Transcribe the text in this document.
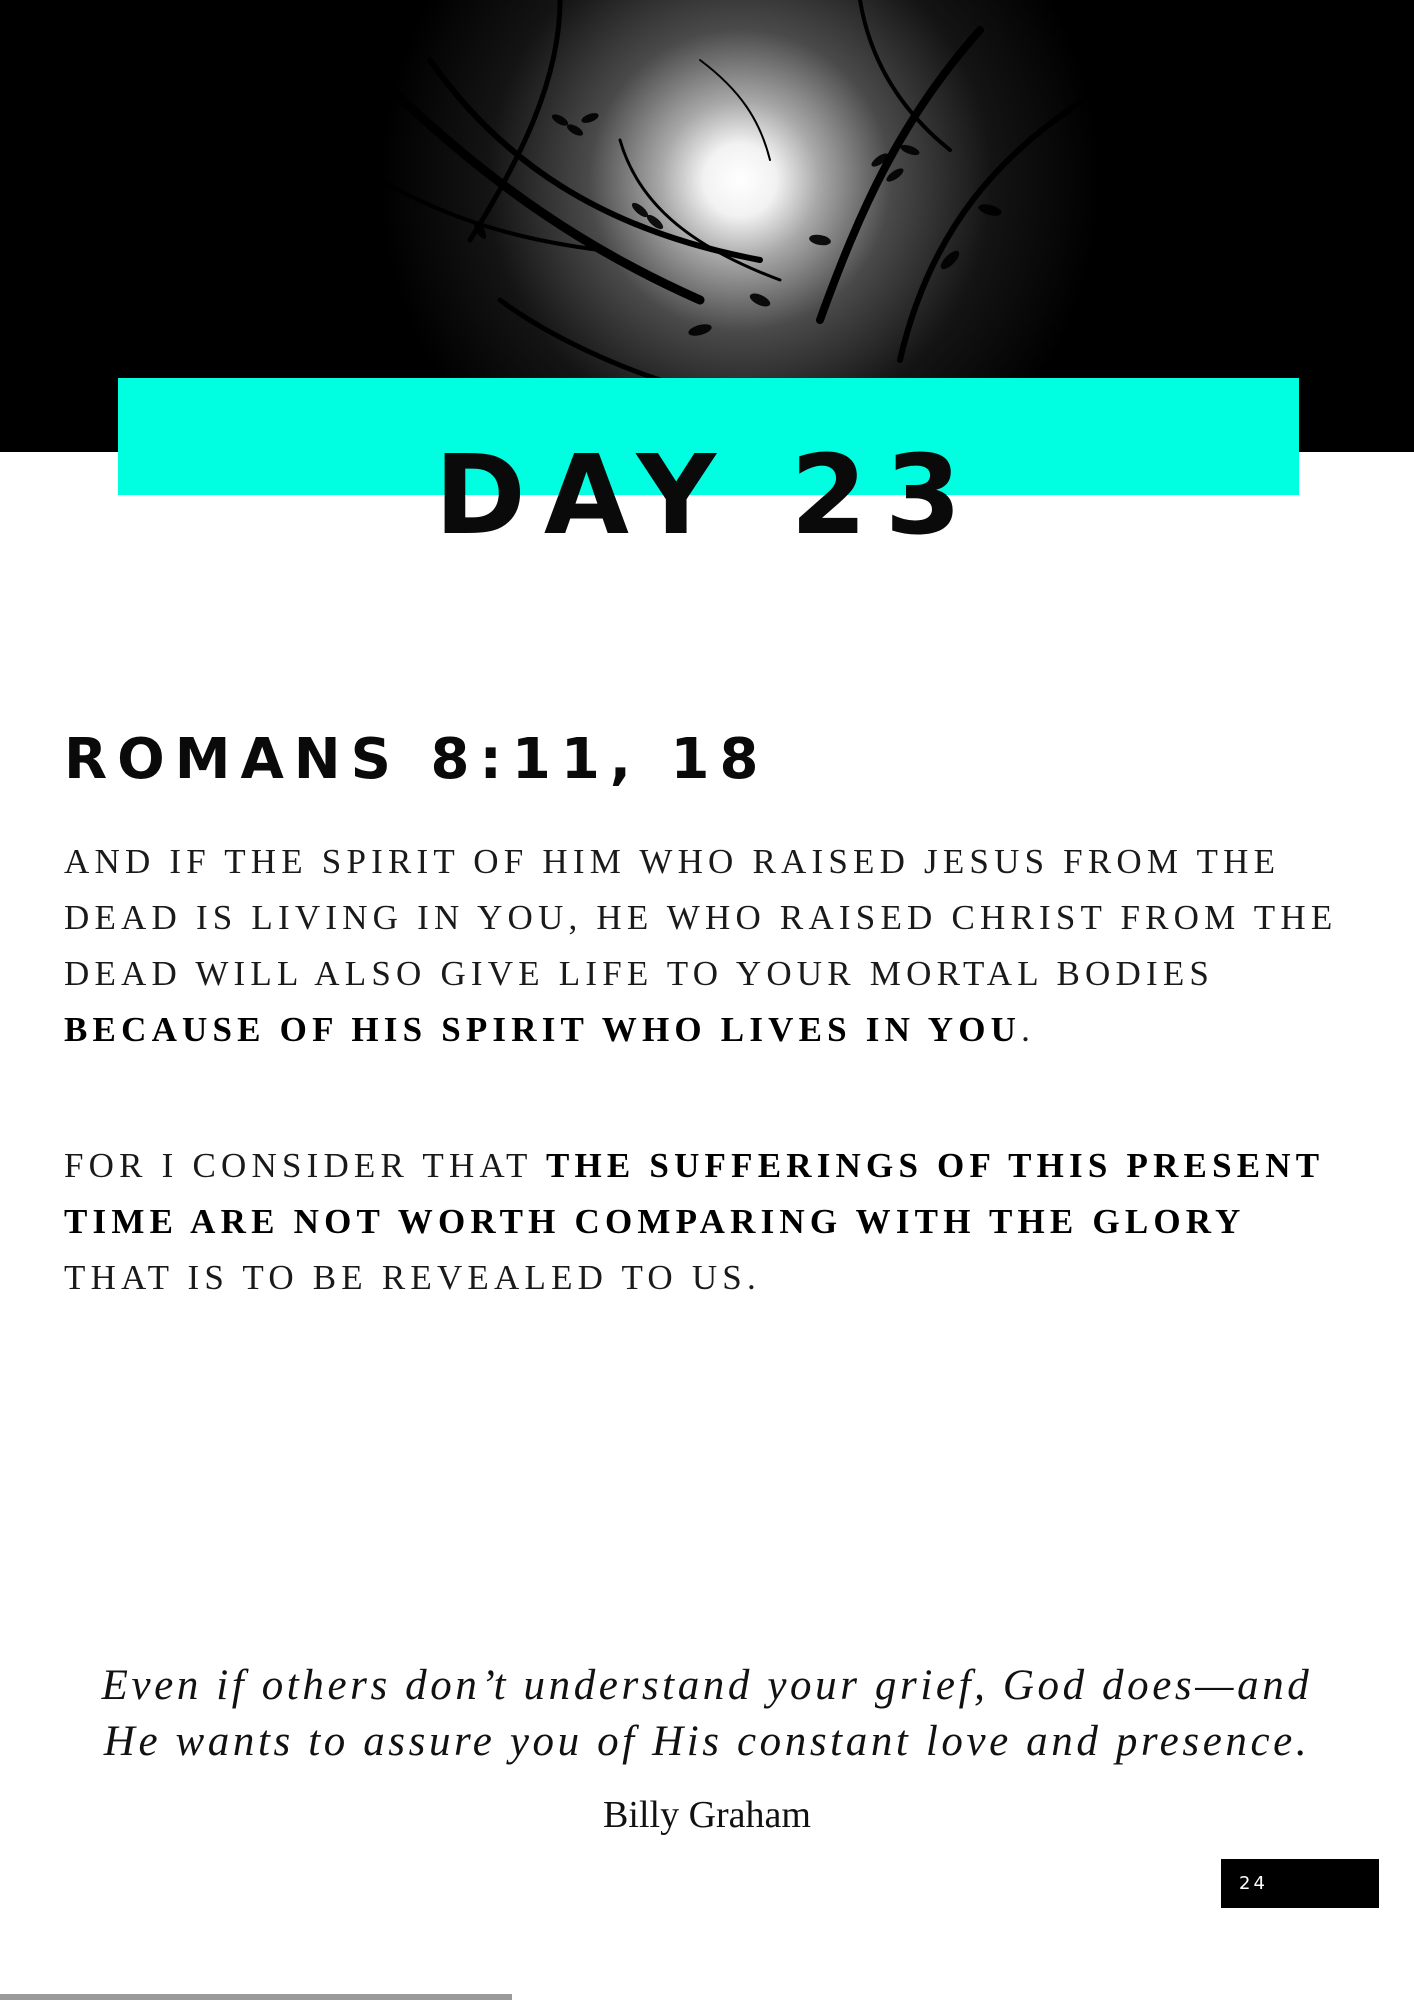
DAY 23
ROMANS 8:11, 18

AND IF THE SPIRIT OF HIM WHO RAISED JESUS FROM THE DEAD IS LIVING IN YOU, HE WHO RAISED CHRIST FROM THE DEAD WILL ALSO GIVE LIFE TO YOUR MORTAL BODIES BECAUSE OF HIS SPIRIT WHO LIVES IN YOU.

FOR I CONSIDER THAT THE SUFFERINGS OF THIS PRESENT TIME ARE NOT WORTH COMPARING WITH THE GLORY THAT IS TO BE REVEALED TO US.

Even if others don’t understand your grief, God does—and
He wants to assure you of His constant love and presence.

Billy Graham

24
